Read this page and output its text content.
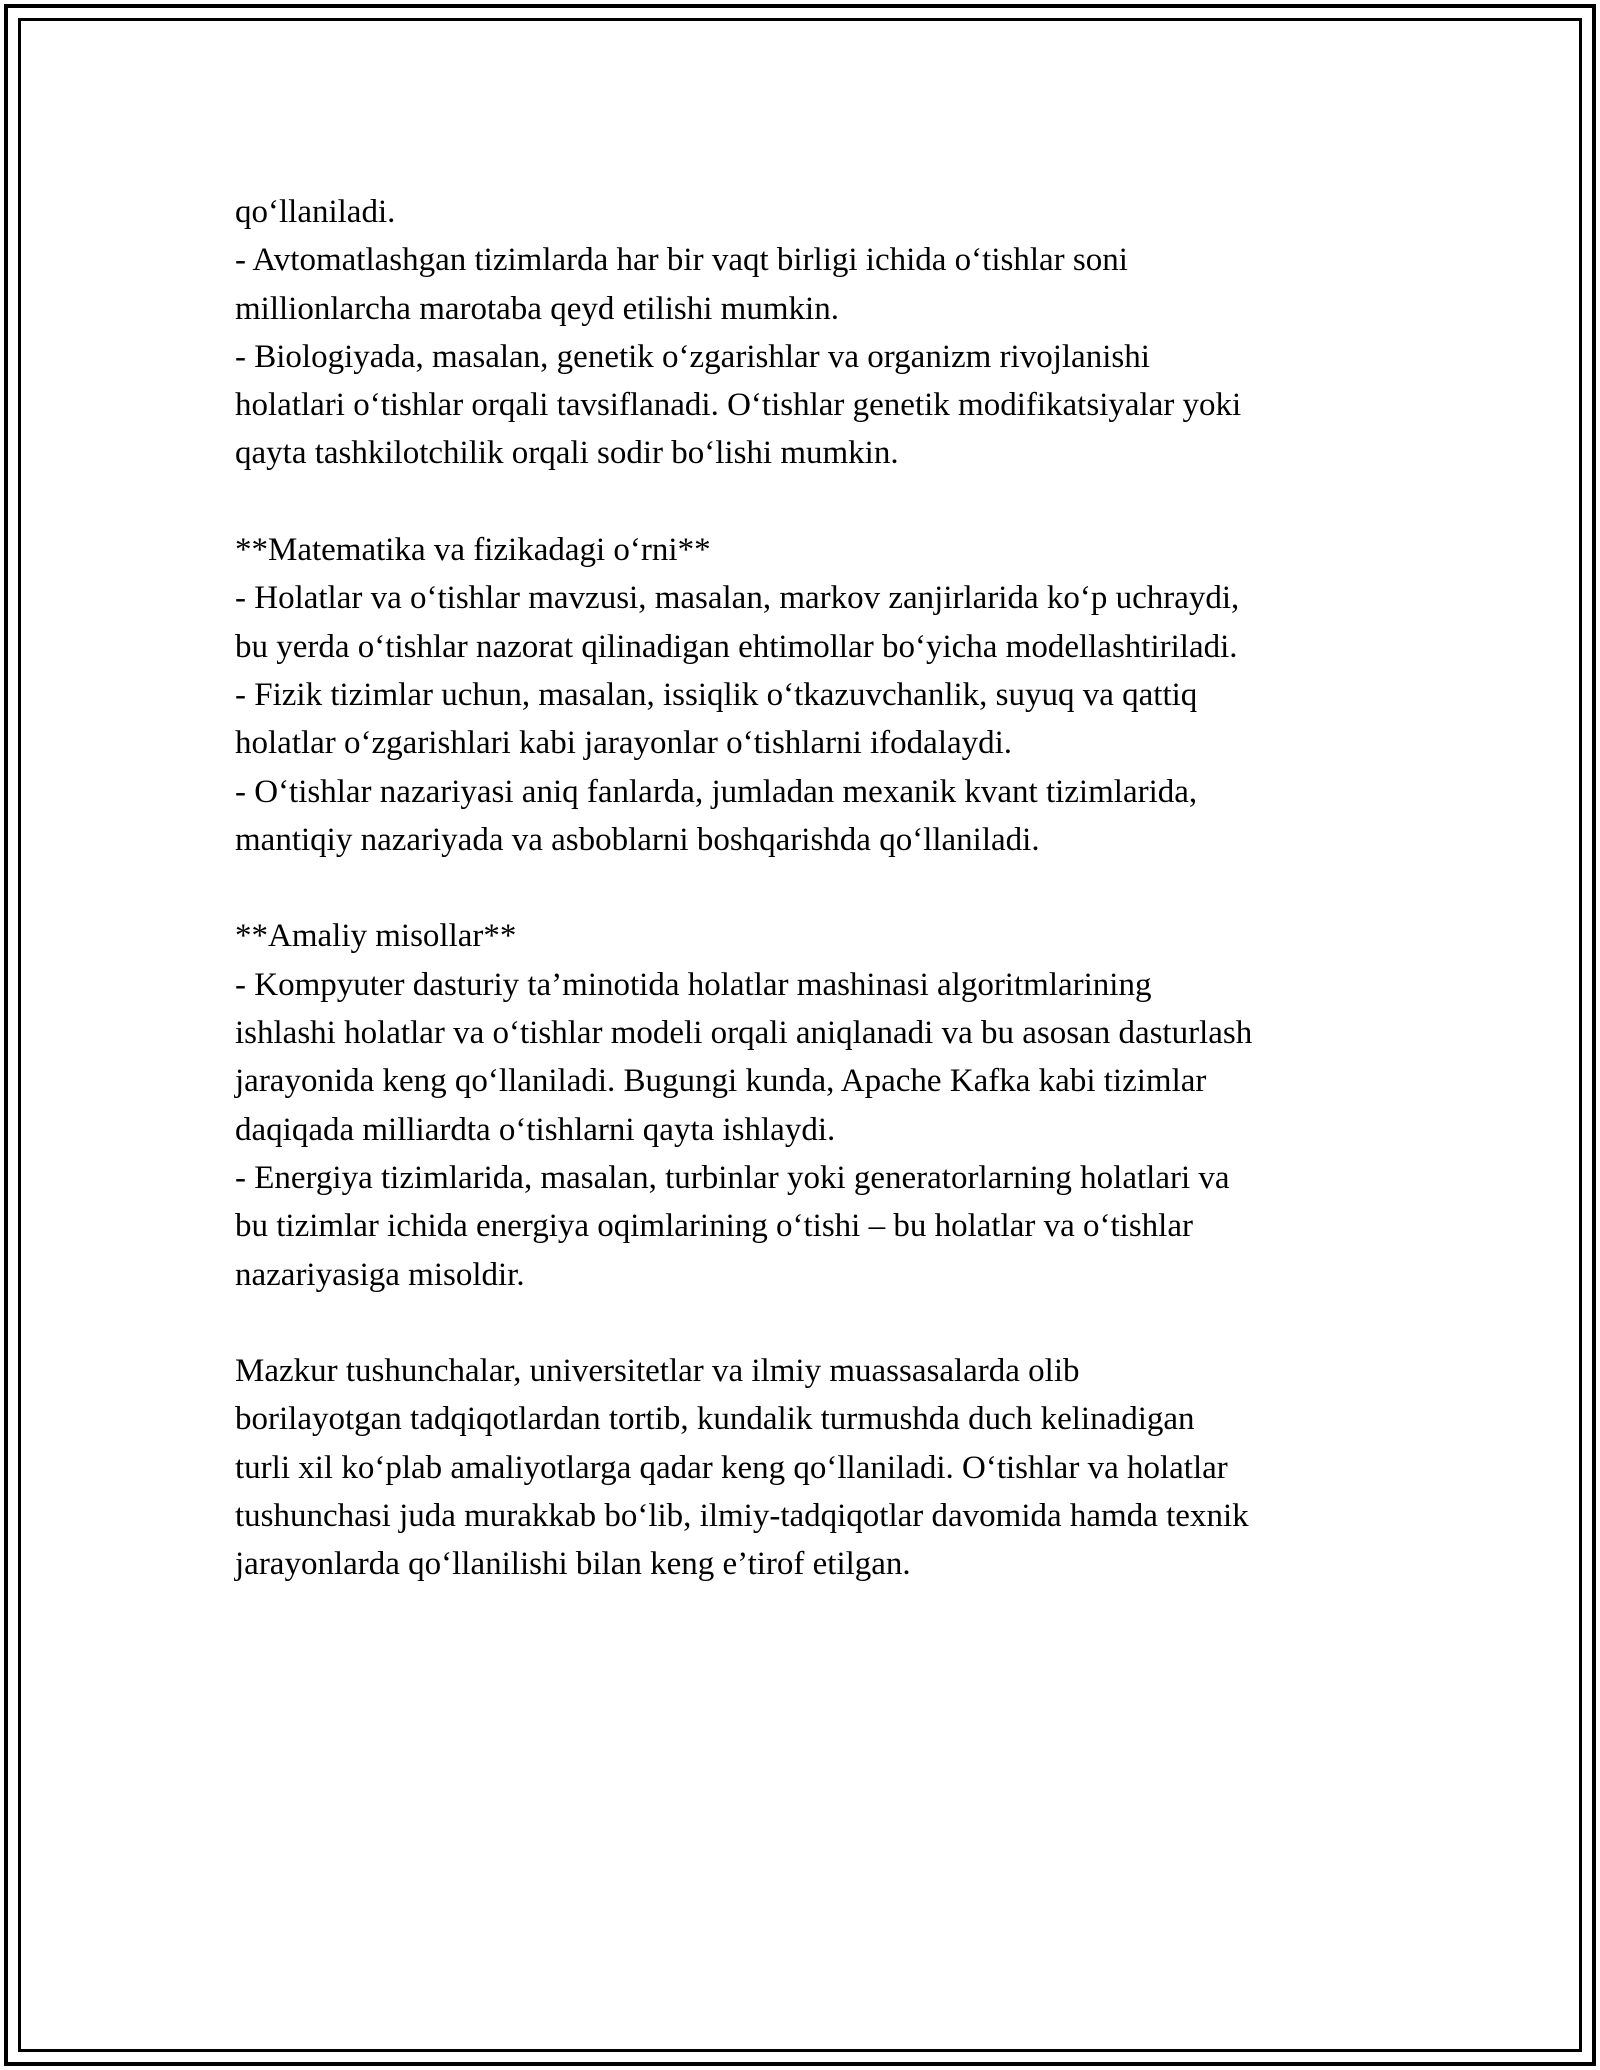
qo‘llaniladi.
- Avtomatlashgan tizimlarda har bir vaqt birligi ichida o‘tishlar soni
millionlarcha marotaba qeyd etilishi mumkin.
- Biologiyada, masalan, genetik o‘zgarishlar va organizm rivojlanishi
holatlari o‘tishlar orqali tavsiflanadi. O‘tishlar genetik modifikatsiyalar yoki
qayta tashkilotchilik orqali sodir bo‘lishi mumkin.
**Matematika va fizikadagi o‘rni**
- Holatlar va o‘tishlar mavzusi, masalan, markov zanjirlarida ko‘p uchraydi,
bu yerda o‘tishlar nazorat qilinadigan ehtimollar bo‘yicha modellashtiriladi.
- Fizik tizimlar uchun, masalan, issiqlik o‘tkazuvchanlik, suyuq va qattiq
holatlar o‘zgarishlari kabi jarayonlar o‘tishlarni ifodalaydi.
- O‘tishlar nazariyasi aniq fanlarda, jumladan mexanik kvant tizimlarida,
mantiqiy nazariyada va asboblarni boshqarishda qo‘llaniladi.
**Amaliy misollar**
- Kompyuter dasturiy ta’minotida holatlar mashinasi algoritmlarining
ishlashi holatlar va o‘tishlar modeli orqali aniqlanadi va bu asosan dasturlash
jarayonida keng qo‘llaniladi. Bugungi kunda, Apache Kafka kabi tizimlar
daqiqada milliardta o‘tishlarni qayta ishlaydi.
- Energiya tizimlarida, masalan, turbinlar yoki generatorlarning holatlari va
bu tizimlar ichida energiya oqimlarining o‘tishi – bu holatlar va o‘tishlar
nazariyasiga misoldir.
Mazkur tushunchalar, universitetlar va ilmiy muassasalarda olib
borilayotgan tadqiqotlardan tortib, kundalik turmushda duch kelinadigan
turli xil ko‘plab amaliyotlarga qadar keng qo‘llaniladi. O‘tishlar va holatlar
tushunchasi juda murakkab bo‘lib, ilmiy-tadqiqotlar davomida hamda texnik
jarayonlarda qo‘llanilishi bilan keng e’tirof etilgan.
